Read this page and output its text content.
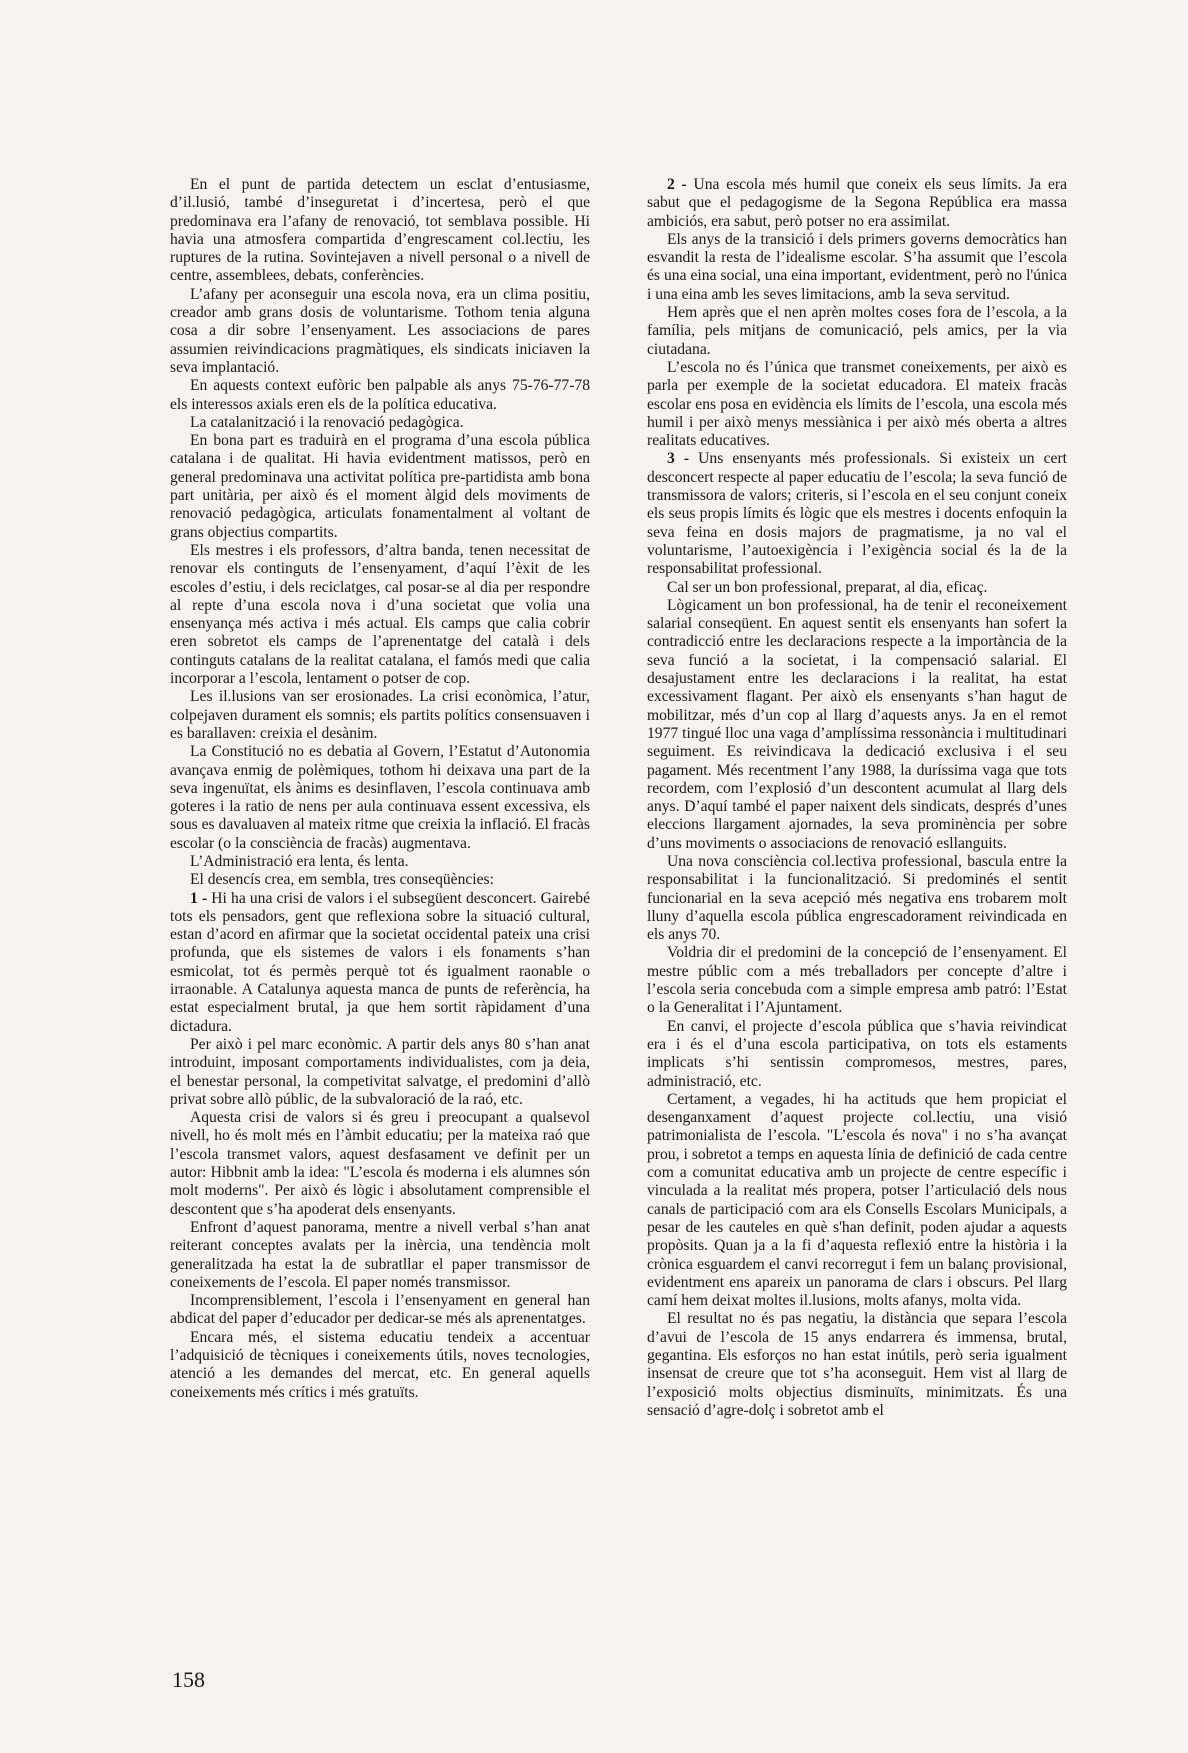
En el punt de partida detectem un esclat d’entusiasme, d’il.lusió, també d’inseguretat i d’incertesa, però el que predominava era l’afany de renovació, tot semblava possible. Hi havia una atmosfera compartida d’engrescament col.lectiu, les ruptures de la rutina. Sovintejaven a nivell personal o a nivell de centre, assemblees, debats, conferències.

L’afany per aconseguir una escola nova, era un clima positiu, creador amb grans dosis de voluntarisme. Tothom tenia alguna cosa a dir sobre l’ensenyament. Les associacions de pares assumien reivindicacions pragmàtiques, els sindicats iniciaven la seva implantació.

En aquests context eufòric ben palpable als anys 75-76-77-78 els interessos axials eren els de la política educativa.

La catalanització i la renovació pedagògica.

En bona part es traduirà en el programa d’una escola pública catalana i de qualitat. Hi havia evidentment matissos, però en general predominava una activitat política pre-partidista amb bona part unitària, per això és el moment àlgid dels moviments de renovació pedagògica, articulats fonamentalment al voltant de grans objectius compartits.

Els mestres i els professors, d’altra banda, tenen necessitat de renovar els continguts de l’ensenyament, d’aquí l’èxit de les escoles d’estiu, i dels reciclatges, cal posar-se al dia per respondre al repte d’una escola nova i d’una societat que volia una ensenyança més activa i més actual. Els camps que calia cobrir eren sobretot els camps de l’aprenentatge del català i dels continguts catalans de la realitat catalana, el famós medi que calia incorporar a l’escola, lentament o potser de cop.

Les il.lusions van ser erosionades. La crisi econòmica, l’atur, colpejaven durament els somnis; els partits polítics consensuaven i es barallaven: creixia el desànim.

La Constitució no es debatia al Govern, l’Estatut d’Autonomia avançava enmig de polèmiques, tothom hi deixava una part de la seva ingenuïtat, els ànims es desinflaven, l’escola continuava amb goteres i la ratio de nens per aula continuava essent excessiva, els sous es davaluaven al mateix ritme que creixia la inflació. El fracàs escolar (o la consciència de fracàs) augmentava.

L’Administració era lenta, és lenta.

El desencís crea, em sembla, tres conseqüències:

1 - Hi ha una crisi de valors i el subsegüent desconcert. Gairebé tots els pensadors, gent que reflexiona sobre la situació cultural, estan d’acord en afirmar que la societat occidental pateix una crisi profunda, que els sistemes de valors i els fonaments s’han esmicolat, tot és permès perquè tot és igualment raonable o irraonable. A Catalunya aquesta manca de punts de referència, ha estat especialment brutal, ja que hem sortit ràpidament d’una dictadura.

Per això i pel marc econòmic. A partir dels anys 80 s’han anat introduint, imposant comportaments individualistes, com ja deia, el benestar personal, la competivitat salvatge, el predomini d’allò privat sobre allò públic, de la subvaloració de la raó, etc.

Aquesta crisi de valors si és greu i preocupant a qualsevol nivell, ho és molt més en l’àmbit educatiu; per la mateixa raó que l’escola transmet valors, aquest desfasament ve definit per un autor: Hibbnit amb la idea: "L’escola és moderna i els alumnes són molt moderns". Per això és lògic i absolutament comprensible el descontent que s’ha apoderat dels ensenyants.

Enfront d’aquest panorama, mentre a nivell verbal s’han anat reiterant conceptes avalats per la inèrcia, una tendència molt generalitzada ha estat la de subratllar el paper transmissor de coneixements de l’escola. El paper només transmissor.

Incomprensiblement, l’escola i l’ensenyament en general han abdicat del paper d’educador per dedicar-se més als aprenentatges.

Encara més, el sistema educatiu tendeix a accentuar l’adquisició de tècniques i coneixements útils, noves tecnologies, atenció a les demandes del mercat, etc. En general aquells coneixements més crítics i més gratuïts.

2 - Una escola més humil que coneix els seus límits. Ja era sabut que el pedagogisme de la Segona República era massa ambiciós, era sabut, però potser no era assimilat.

Els anys de la transició i dels primers governs democràtics han esvandit la resta de l’idealisme escolar. S’ha assumit que l’escola és una eina social, una eina important, evidentment, però no l'única i una eina amb les seves limitacions, amb la seva servitud.

Hem après que el nen aprèn moltes coses fora de l’escola, a la família, pels mitjans de comunicació, pels amics, per la via ciutadana.

L’escola no és l’única que transmet coneixements, per això es parla per exemple de la societat educadora. El mateix fracàs escolar ens posa en evidència els límits de l’escola, una escola més humil i per això menys messiànica i per això més oberta a altres realitats educatives.

3 - Uns ensenyants més professionals. Si existeix un cert desconcert respecte al paper educatiu de l’escola; la seva funció de transmissora de valors; criteris, si l’escola en el seu conjunt coneix els seus propis límits és lògic que els mestres i docents enfoquin la seva feina en dosis majors de pragmatisme, ja no val el voluntarisme, l’autoexigència i l’exigència social és la de la responsabilitat professional.

Cal ser un bon professional, preparat, al dia, eficaç.

Lògicament un bon professional, ha de tenir el reconeixement salarial conseqüent. En aquest sentit els ensenyants han sofert la contradicció entre les declaracions respecte a la importància de la seva funció a la societat, i la compensació salarial. El desajustament entre les declaracions i la realitat, ha estat excessivament flagant. Per això els ensenyants s’han hagut de mobilitzar, més d’un cop al llarg d’aquests anys. Ja en el remot 1977 tingué lloc una vaga d’amplíssima ressonància i multitudinari seguiment. Es reivindicava la dedicació exclusiva i el seu pagament. Més recentment l’any 1988, la duríssima vaga que tots recordem, com l’explosió d’un descontent acumulat al llarg dels anys. D’aquí també el paper naixent dels sindicats, després d’unes eleccions llargament ajornades, la seva prominència per sobre d’uns moviments o associacions de renovació esllanguits.

Una nova consciència col.lectiva professional, bascula entre la responsabilitat i la funcionalització. Si predominés el sentit funcionarial en la seva acepció més negativa ens trobarem molt lluny d’aquella escola pública engrescadorament reivindicada en els anys 70.

Voldria dir el predomini de la concepció de l’ensenyament. El mestre públic com a més treballadors per concepte d’altre i l’escola seria concebuda com a simple empresa amb patró: l’Estat o la Generalitat i l’Ajuntament.

En canvi, el projecte d’escola pública que s’havia reivindicat era i és el d’una escola participativa, on tots els estaments implicats s’hi sentissin compromesos, mestres, pares, administració, etc.

Certament, a vegades, hi ha actituds que hem propiciat el desenganxament d’aquest projecte col.lectiu, una visió patrimonialista de l’escola. "L’escola és nova" i no s’ha avançat prou, i sobretot a temps en aquesta línia de definició de cada centre com a comunitat educativa amb un projecte de centre específic i vinculada a la realitat més propera, potser l’articulació dels nous canals de participació com ara els Consells Escolars Municipals, a pesar de les cauteles en què s'han definit, poden ajudar a aquests propòsits. Quan ja a la fi d’aquesta reflexió entre la història i la crònica esguardem el canvi recorregut i fem un balanç provisional, evidentment ens apareix un panorama de clars i obscurs. Pel llarg camí hem deixat moltes il.lusions, molts afanys, molta vida.

El resultat no és pas negatiu, la distància que separa l’escola d’avui de l’escola de 15 anys endarrera és immensa, brutal, gegantina. Els esforços no han estat inútils, però seria igualment insensat de creure que tot s’ha aconseguit. Hem vist al llarg de l’exposició molts objectius disminuïts, minimitzats. És una sensació d’agre-dolç i sobretot amb el

158
